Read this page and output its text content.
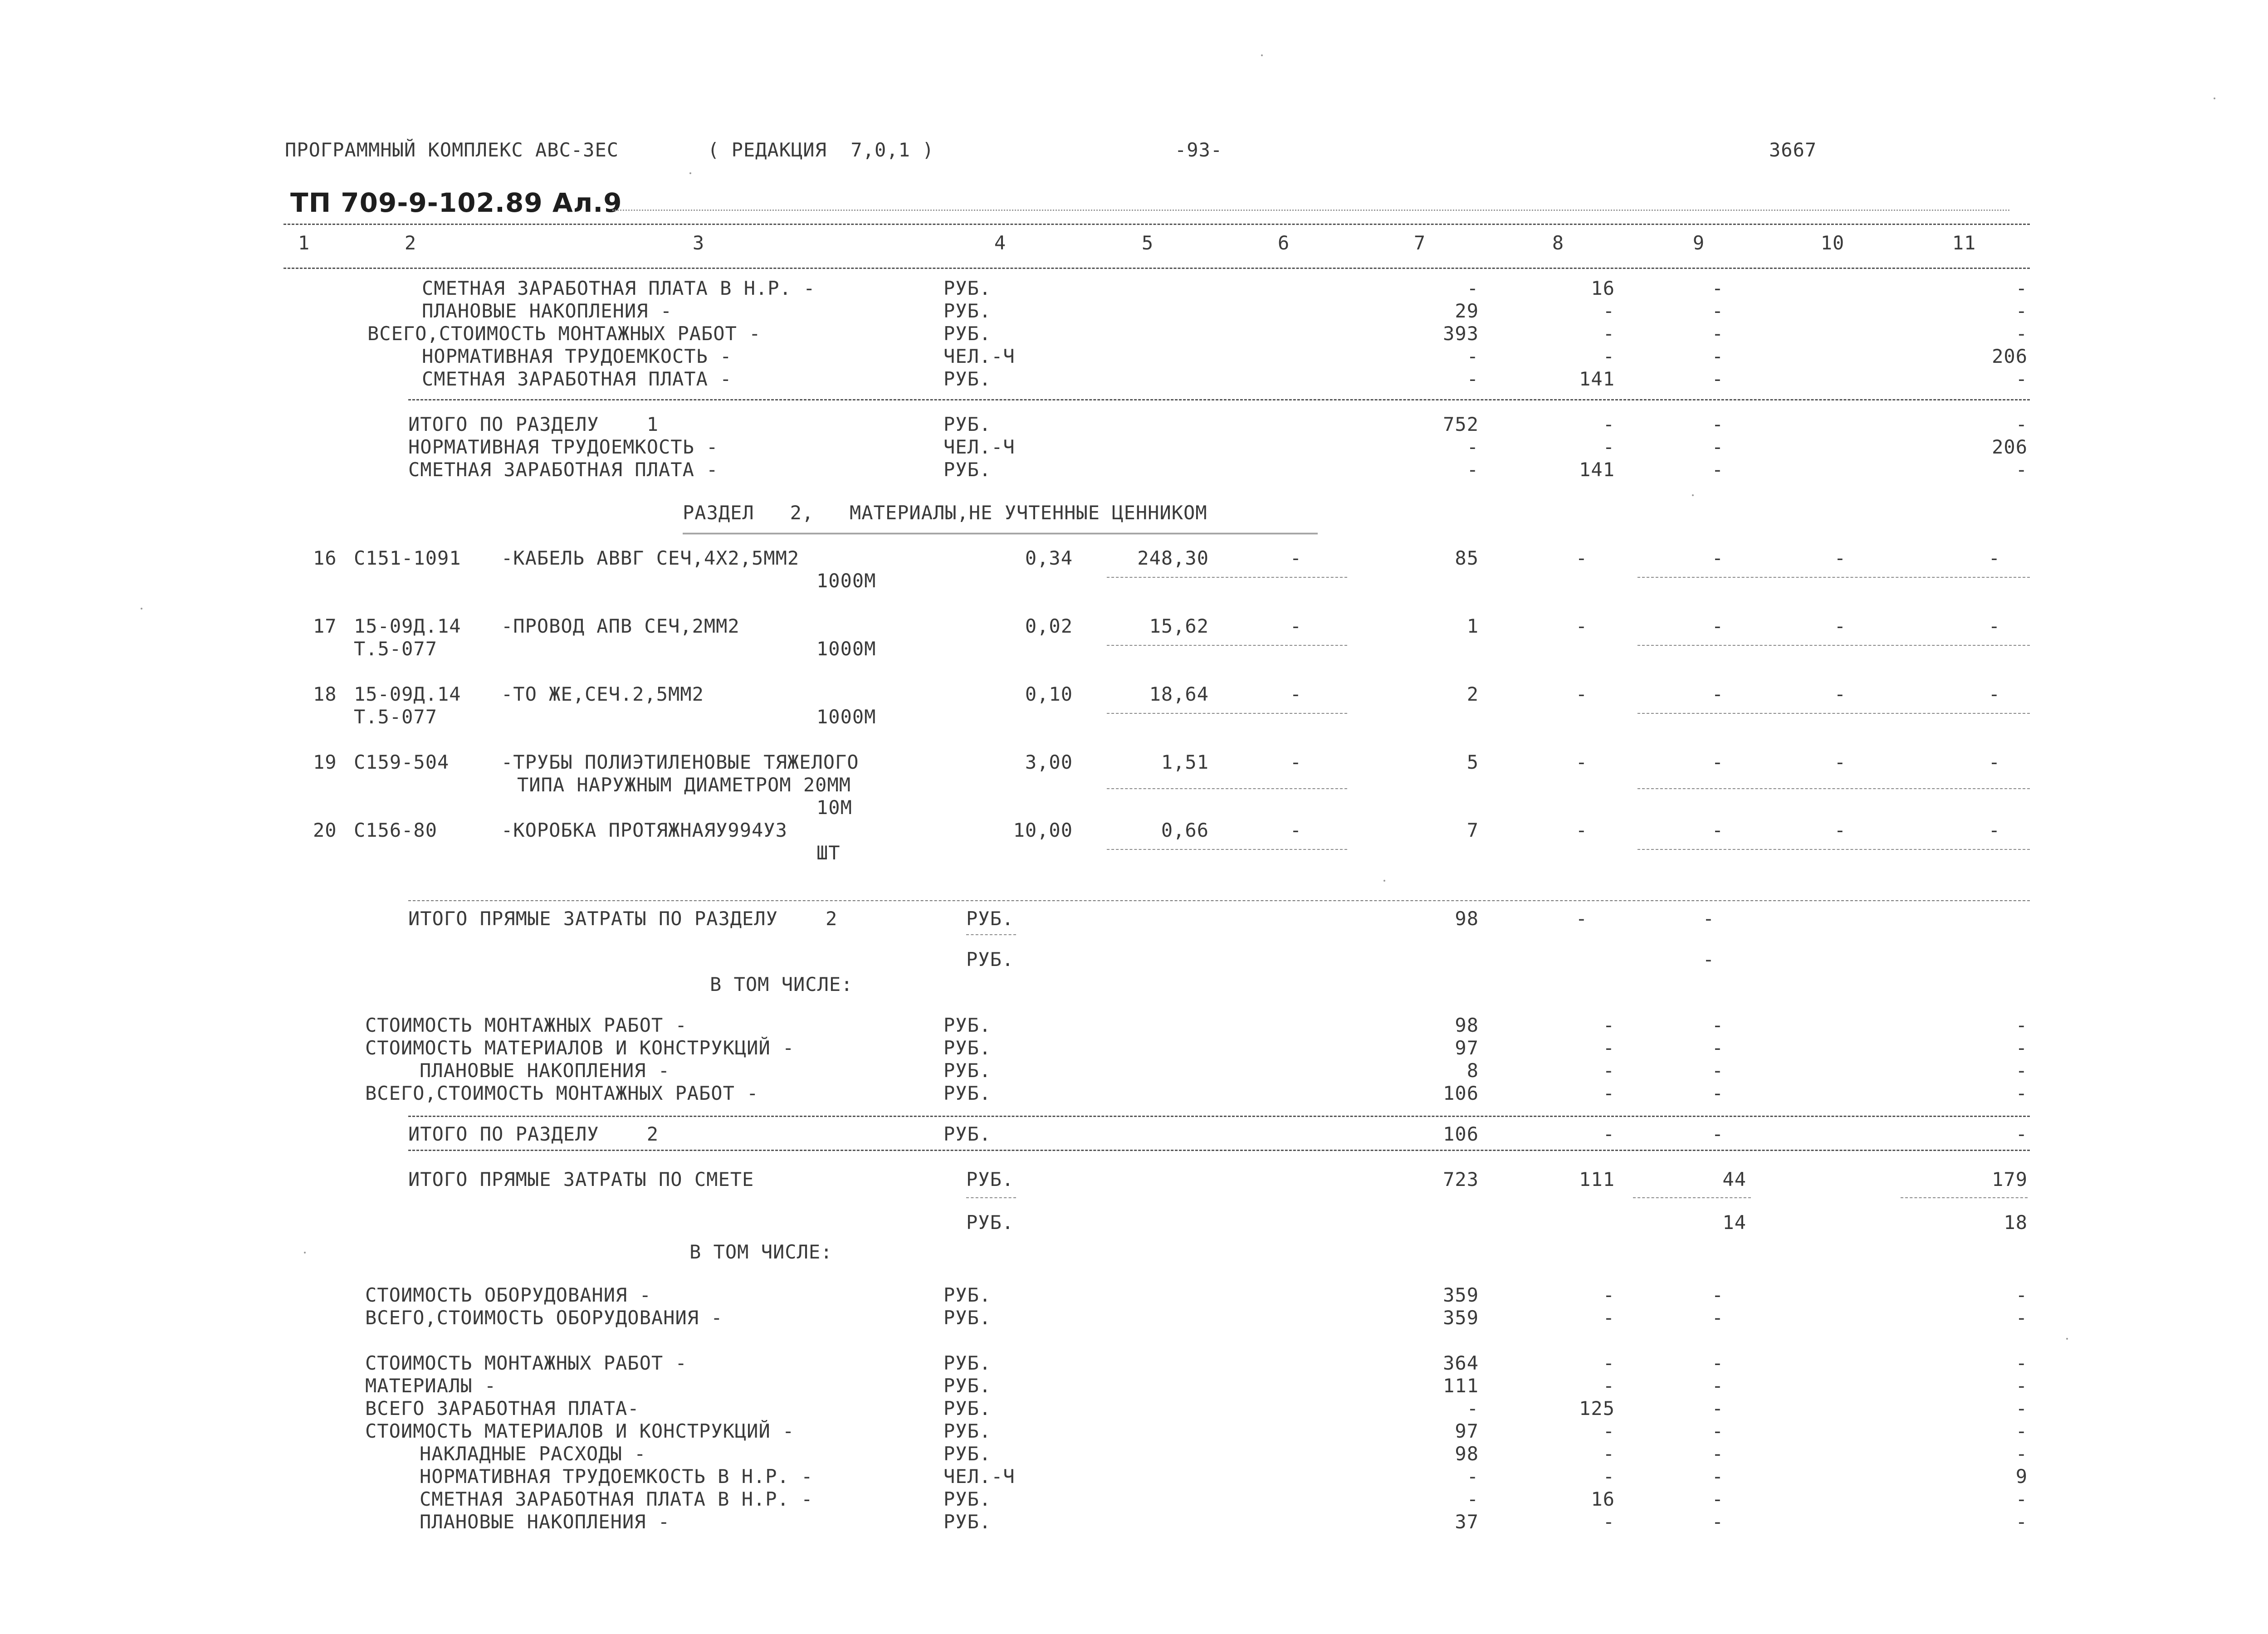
ПРОГРАММНЫЙ КОМПЛЕКС АВС-3ЕС	( РЕДАКЦИЯ  7,0,1 )	-93-	3667
ТП 709-9-102.89 Ал.9
1	2	3	4	5	6	7	8	9	10	11
СМЕТНАЯ ЗАРАБОТНАЯ ПЛАТА В Н.Р. -	РУБ.	-	16	-	-
ПЛАНОВЫЕ НАКОПЛЕНИЯ -	РУБ.	29	-	-	-
ВСЕГО,СТОИМОСТЬ МОНТАЖНЫХ РАБОТ -	РУБ.	393	-	-	-
НОРМАТИВНАЯ ТРУДОЕМКОСТЬ -	ЧЕЛ.-Ч	-	-	-	206
СМЕТНАЯ ЗАРАБОТНАЯ ПЛАТА -	РУБ.	-	141	-	-
ИТОГО ПО РАЗДЕЛУ    1	РУБ.	752	-	-	-
НОРМАТИВНАЯ ТРУДОЕМКОСТЬ -	ЧЕЛ.-Ч	-	-	-	206
СМЕТНАЯ ЗАРАБОТНАЯ ПЛАТА -	РУБ.	-	141	-	-
РАЗДЕЛ   2,   МАТЕРИАЛЫ,НЕ УЧТЕННЫЕ ЦЕННИКОМ
16 С151-1091 -КАБЕЛЬ АВВГ СЕЧ,4Х2,5ММ2
1000М
0,34	248,30	-	85	-	-	-	-
17 15-09Д.14
Т.5-077
-ПРОВОД АПВ СЕЧ,2ММ2
1000М
0,02	15,62	-	1	-	-	-	-
18 15-09Д.14
Т.5-077
-ТО ЖЕ,СЕЧ.2,5ММ2
1000М
0,10	18,64	-	2	-	-	-	-
19 С159-504	-ТРУБЫ ПОЛИЭТИЛЕНОВЫЕ ТЯЖЕЛОГО
ТИПА НАРУЖНЫМ ДИАМЕТРОМ 20ММ
10М
3,00	1,51	-	5	-	-	-	-
20 С156-80	-КОРОБКА ПРОТЯЖНАЯУ994У3
ШТ
10,00	0,66	-	7	-	-	-	-
ИТОГО ПРЯМЫЕ ЗАТРАТЫ ПО РАЗДЕЛУ    2	РУБ.	98	-	-
РУБ.	-
В ТОМ ЧИСЛЕ:
СТОИМОСТЬ МОНТАЖНЫХ РАБОТ -	РУБ.	98	-	-	-
СТОИМОСТЬ МАТЕРИАЛОВ И КОНСТРУКЦИЙ -	РУБ.	97	-	-	-
ПЛАНОВЫЕ НАКОПЛЕНИЯ -	РУБ.	8	-	-	-
ВСЕГО,СТОИМОСТЬ МОНТАЖНЫХ РАБОТ -	РУБ.	106	-	-	-
ИТОГО ПО РАЗДЕЛУ    2	РУБ.	106	-	-	-
ИТОГО ПРЯМЫЕ ЗАТРАТЫ ПО СМЕТЕ	РУБ.	723	111	44	179
РУБ.	14	18
В ТОМ ЧИСЛЕ:
СТОИМОСТЬ ОБОРУДОВАНИЯ -	РУБ.	359	-	-	-
ВСЕГО,СТОИМОСТЬ ОБОРУДОВАНИЯ -	РУБ.	359	-	-	-
СТОИМОСТЬ МОНТАЖНЫХ РАБОТ -	РУБ.	364	-	-	-
МАТЕРИАЛЫ -	РУБ.	111	-	-	-
ВСЕГО ЗАРАБОТНАЯ ПЛАТА-	РУБ.	-	125	-	-
СТОИМОСТЬ МАТЕРИАЛОВ И КОНСТРУКЦИЙ -	РУБ.	97	-	-	-
НАКЛАДНЫЕ РАСХОДЫ -	РУБ.	98	-	-	-
НОРМАТИВНАЯ ТРУДОЕМКОСТЬ В Н.Р. -	ЧЕЛ.-Ч	-	-	-	9
СМЕТНАЯ ЗАРАБОТНАЯ ПЛАТА В Н.Р. -	РУБ.	-	16	-	-
ПЛАНОВЫЕ НАКОПЛЕНИЯ -	РУБ.	37	-	-	-
